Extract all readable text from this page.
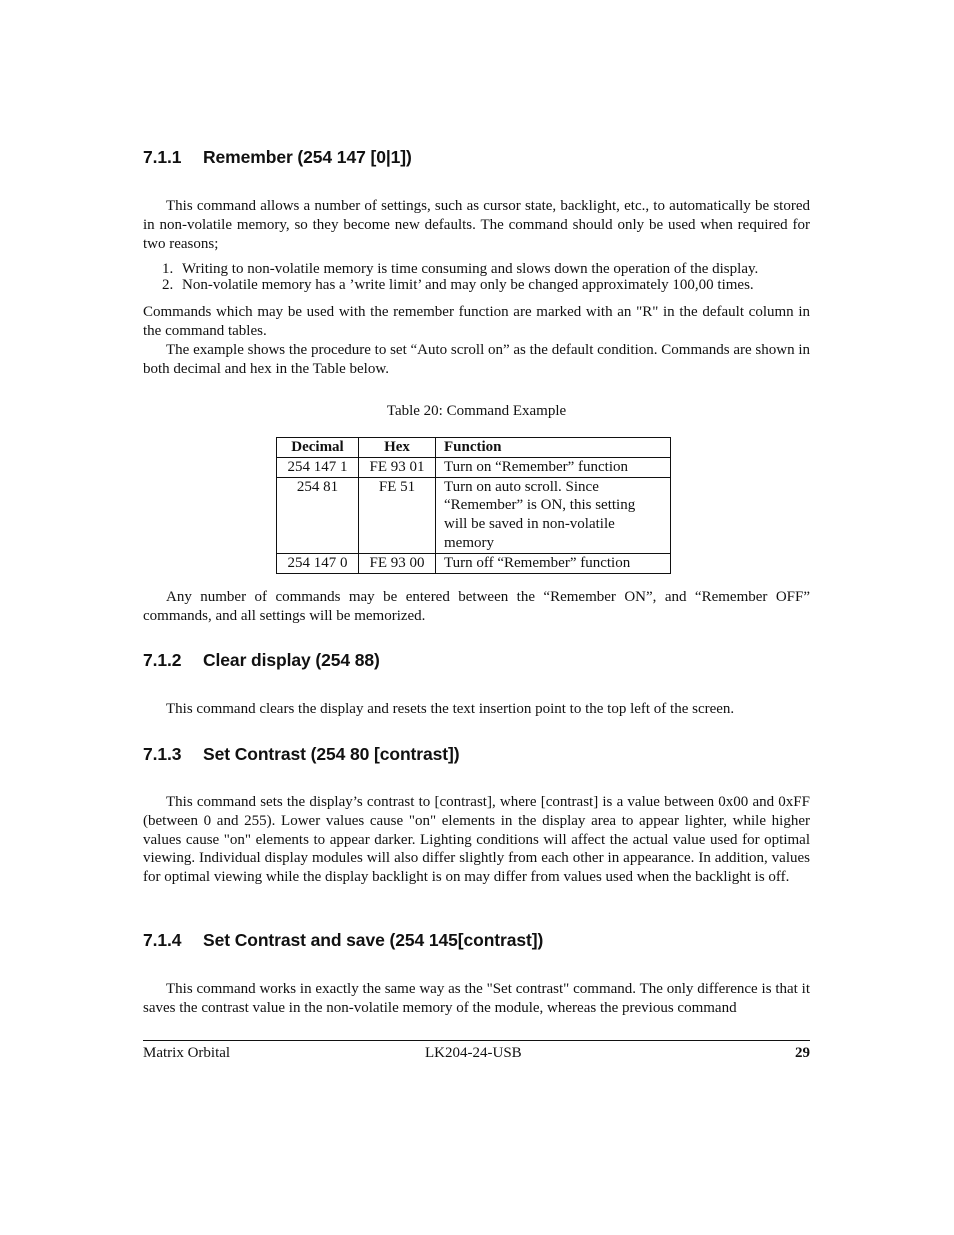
7.1.1 Remember (254 147 [0|1])

This command allows a number of settings, such as cursor state, backlight, etc., to automatically be stored in non-volatile memory, so they become new defaults. The command should only be used when required for two reasons;

1. Writing to non-volatile memory is time consuming and slows down the operation of the display.
2. Non-volatile memory has a ’write limit’ and may only be changed approximately 100,00 times.

Commands which may be used with the remember function are marked with an "R" in the default column in the command tables.

The example shows the procedure to set “Auto scroll on” as the default condition. Commands are shown in both decimal and hex in the Table below.

Table 20: Command Example
Decimal	Hex	Function
254 147 1	FE 93 01	Turn on “Remember” function
254 81	FE 51	Turn on auto scroll. Since “Remember” is ON, this setting will be saved in non-volatile memory
254 147 0	FE 93 00	Turn off “Remember” function

Any number of commands may be entered between the “Remember ON”, and “Remember OFF” commands, and all settings will be memorized.

7.1.2 Clear display (254 88)

This command clears the display and resets the text insertion point to the top left of the screen.

7.1.3 Set Contrast (254 80 [contrast])

This command sets the display’s contrast to [contrast], where [contrast] is a value between 0x00 and 0xFF (between 0 and 255). Lower values cause "on" elements in the display area to appear lighter, while higher values cause "on" elements to appear darker. Lighting conditions will affect the actual value used for optimal viewing. Individual display modules will also differ slightly from each other in appearance. In addition, values for optimal viewing while the display backlight is on may differ from values used when the backlight is off.

7.1.4 Set Contrast and save (254 145[contrast])

This command works in exactly the same way as the "Set contrast" command. The only difference is that it saves the contrast value in the non-volatile memory of the module, whereas the previous command

Matrix Orbital	LK204-24-USB	29
